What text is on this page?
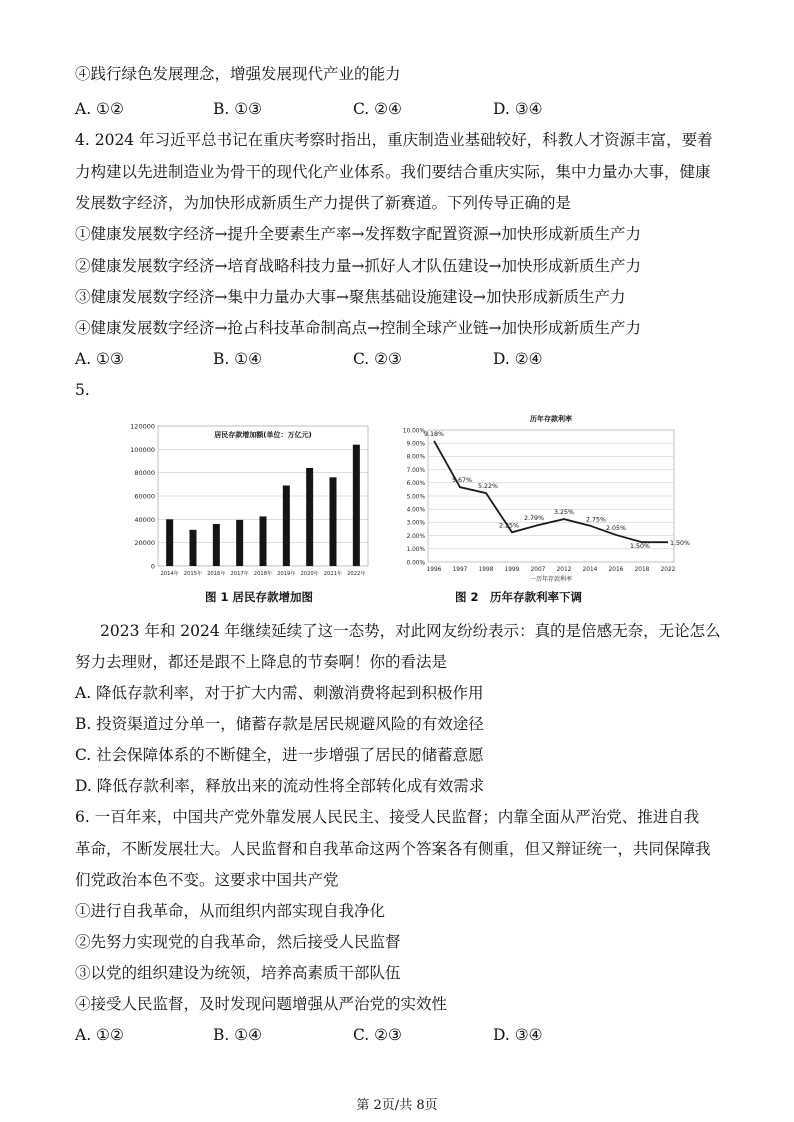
④践行绿色发展理念，增强发展现代产业的能力
A. ①②	B. ①③	C. ②④	D. ③④
4. 2024 年习近平总书记在重庆考察时指出，重庆制造业基础较好，科教人才资源丰富，要着
力构建以先进制造业为骨干的现代化产业体系。我们要结合重庆实际，集中力量办大事，健康
发展数字经济，为加快形成新质生产力提供了新赛道。下列传导正确的是
①健康发展数字经济→提升全要素生产率→发挥数字配置资源→加快形成新质生产力
②健康发展数字经济→培育战略科技力量→抓好人才队伍建设→加快形成新质生产力
③健康发展数字经济→集中力量办大事→聚焦基础设施建设→加快形成新质生产力
④健康发展数字经济→抢占科技革命制高点→控制全球产业链→加快形成新质生产力
A. ①③	B. ①④	C. ②③	D. ②④
5.
0
20000
40000
60000
80000
100000
120000
居民存款增加额(单位：万亿元)
2014年 2015年 2016年 2017年 2018年 2019年 2020年 2021年 2022年
图 1 居民存款增加图
0.00%
1.00%
2.00%
3.00%
4.00%
5.00%
6.00%
7.00%
8.00%
9.00%
10.00%
历年存款利率
1996 1997 1998 1999 2007 2012 2014 2016 2018 2022
9.18%
5.67%
5.22%
2.25%
2.79%
3.25%
2.75%
2.05%
1.50%	1.50%
一历年存款利率
图 2　历年存款利率下调
2023 年和 2024 年继续延续了这一态势，对此网友纷纷表示：真的是倍感无奈，无论怎么
努力去理财，都还是跟不上降息的节奏啊！你的看法是
A. 降低存款利率，对于扩大内需、刺激消费将起到积极作用
B. 投资渠道过分单一，储蓄存款是居民规避风险的有效途径
C. 社会保障体系的不断健全，进一步增强了居民的储蓄意愿
D. 降低存款利率，释放出来的流动性将全部转化成有效需求
6. 一百年来，中国共产党外靠发展人民民主、接受人民监督；内靠全面从严治党、推进自我
革命，不断发展壮大。人民监督和自我革命这两个答案各有侧重，但又辩证统一，共同保障我
们党政治本色不变。这要求中国共产党
①进行自我革命，从而组织内部实现自我净化
②先努力实现党的自我革命，然后接受人民监督
③以党的组织建设为统领，培养高素质干部队伍
④接受人民监督，及时发现问题增强从严治党的实效性
A. ①②	B. ①④	C. ②③	D. ③④
第 2页/共 8页
